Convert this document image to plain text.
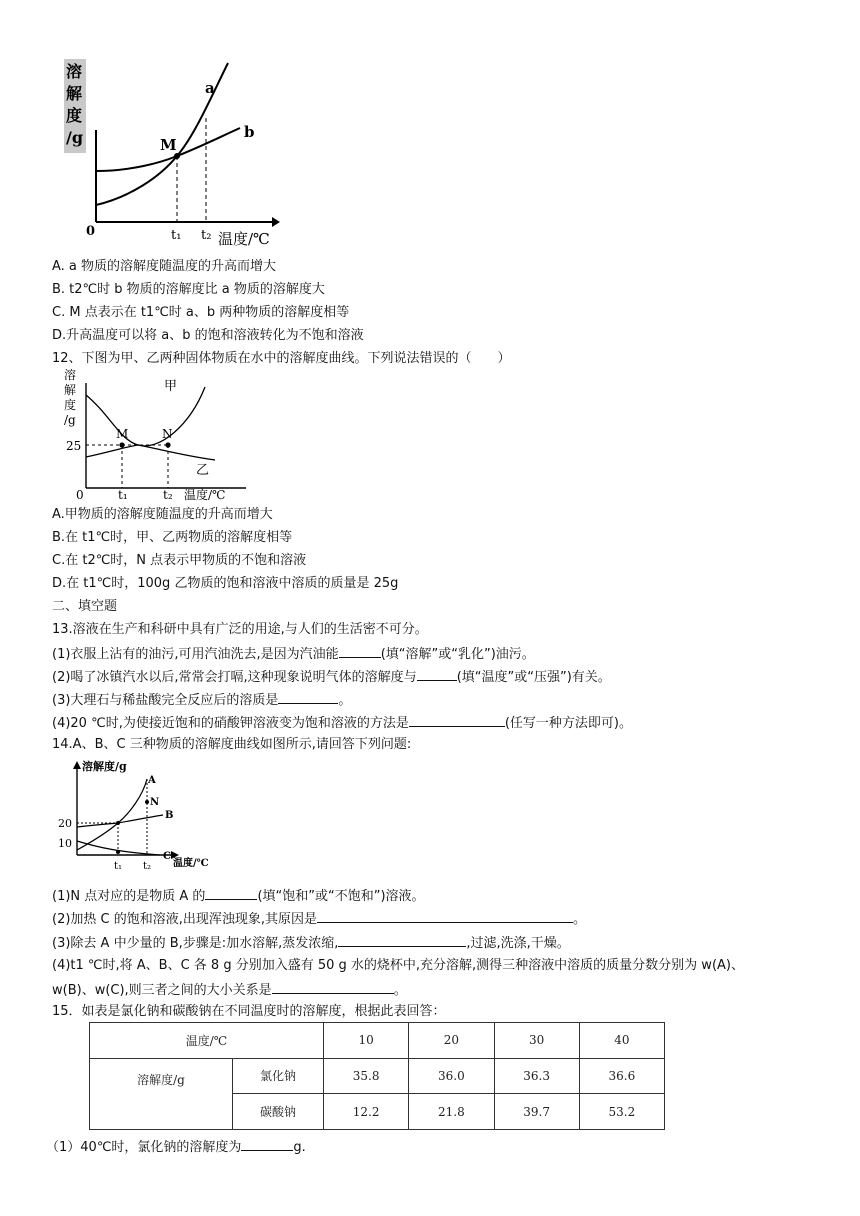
溶
解
度
/g	M
a
b
0	t₁ t₂ 温度/℃
A. a 物质的溶解度随温度的升高而增大
B. t2℃时 b 物质的溶解度比 a 物质的溶解度大
C. M 点表示在 t1℃时 a、b 两种物质的溶解度相等
D.升高温度可以将 a、b 的饱和溶液转化为不饱和溶液
12、下图为甲、乙两种固体物质在水中的溶解度曲线。下列说法错误的（　　）
溶
解
度
/g
M	N
甲
乙
25
0	t₁	t₂ 温度/℃
A.甲物质的溶解度随温度的升高而增大
B.在 t1℃时，甲、乙两物质的溶解度相等
C.在 t2℃时，N 点表示甲物质的不饱和溶液
D.在 t1℃时，100g 乙物质的饱和溶液中溶质的质量是 25g
二、填空题
13.溶液在生产和科研中具有广泛的用途,与人们的生活密不可分。
(1)衣服上沾有的油污,可用汽油洗去,是因为汽油能	(填“溶解”或“乳化”)油污。
(2)喝了冰镇汽水以后,常常会打嗝,这种现象说明气体的溶解度与	(填“温度”或“压强”)有关。
(3)大理石与稀盐酸完全反应后的溶质是	。
(4)20 ℃时,为使接近饱和的硝酸钾溶液变为饱和溶液的方法是	(任写一种方法即可)。
14.A、B、C 三种物质的溶解度曲线如图所示,请回答下列问题:
溶解度/g
A
N
B
C
20
10
t₁ t₂ 温度/℃
(1)N 点对应的是物质 A 的	(填“饱和”或“不饱和”)溶液。
(2)加热 C 的饱和溶液,出现浑浊现象,其原因是	。
(3)除去 A 中少量的 B,步骤是:加水溶解,蒸发浓缩,	,过滤,洗涤,干燥。
(4)t1 ℃时,将 A、B、C 各 8 g 分别加入盛有 50 g 水的烧杯中,充分溶解,测得三种溶液中溶质的质量分数分别为 w(A)、
w(B)、w(C),则三者之间的大小关系是	。
15．如表是氯化钠和碳酸钠在不同温度时的溶解度，根据此表回答：
温度/℃		10	20	30	40
溶解度/g	氯化钠	35.8	36.0	36.3	36.6
	碳酸钠	12.2	21.8	39.7	53.2
（1）40℃时，氯化钠的溶解度为	g.
